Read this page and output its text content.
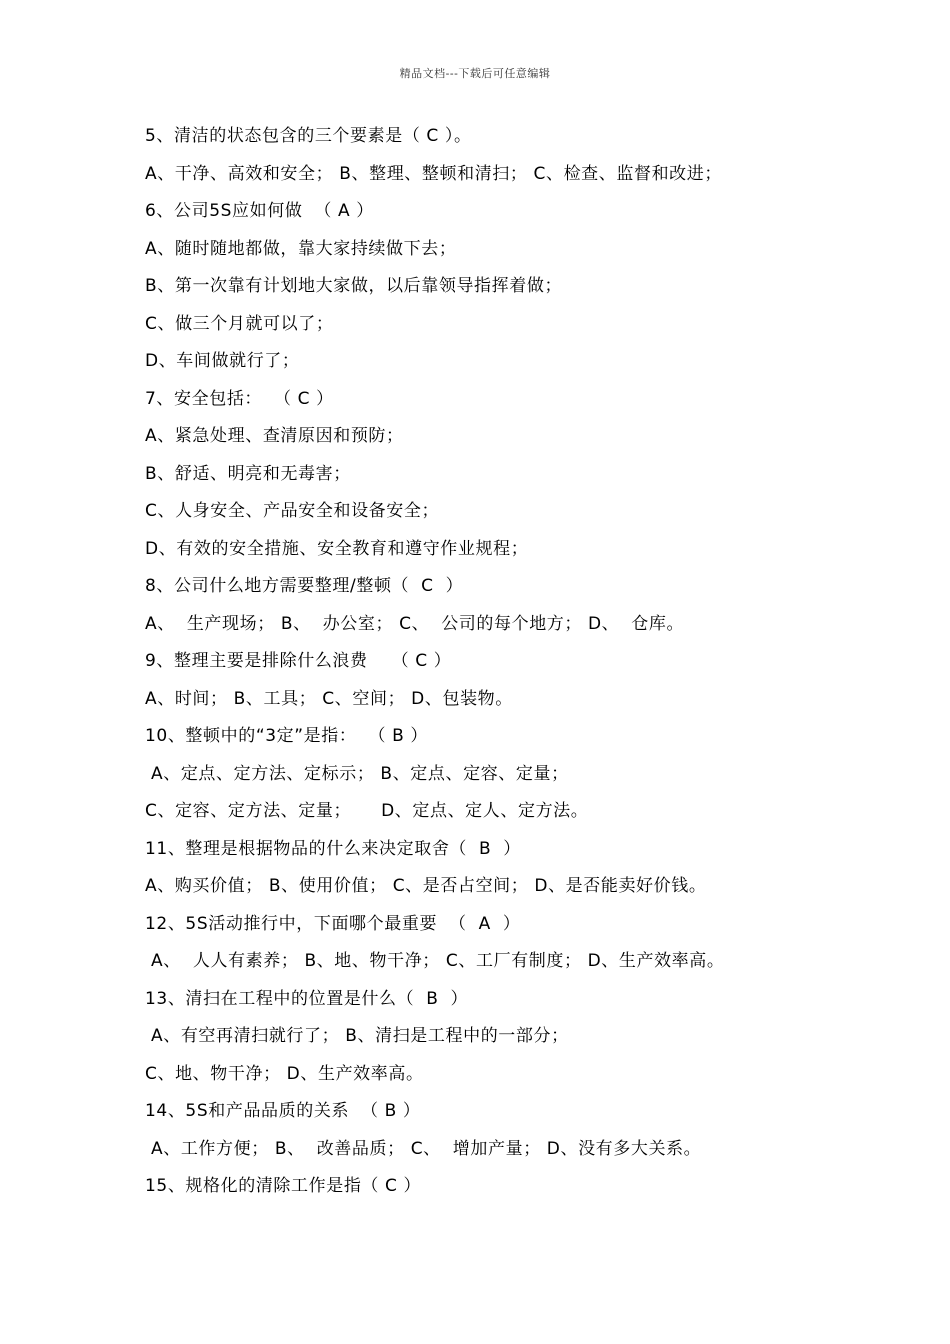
精品文档---下载后可任意编辑
5、清洁的状态包含的三个要素是（ C ）。
A、干净、高效和安全； B、整理、整顿和清扫； C、检查、监督和改进；
6、公司5S应如何做  （ A ）
A、随时随地都做，靠大家持续做下去；
B、第一次靠有计划地大家做，以后靠领导指挥着做；
C、做三个月就可以了；
D、车间做就行了；
7、安全包括：  （ C ）
A、紧急处理、查清原因和预防；
B、舒适、明亮和无毒害；
C、人身安全、产品安全和设备安全；
D、有效的安全措施、安全教育和遵守作业规程；
8、公司什么地方需要整理/整顿（  C  ）
A、  生产现场； B、  办公室； C、  公司的每个地方； D、  仓库。
9、整理主要是排除什么浪费    （ C ）
A、时间； B、工具； C、空间； D、包装物。
10、整顿中的“3定”是指：  （ B ）
A、定点、定方法、定标示； B、定点、定容、定量；
C、定容、定方法、定量；     D、定点、定人、定方法。
11、整理是根据物品的什么来决定取舍（  B  ）
A、购买价值； B、使用价值； C、是否占空间； D、是否能卖好价钱。
12、5S活动推行中，下面哪个最重要  （  A  ）
A、  人人有素养； B、地、物干净； C、工厂有制度； D、生产效率高。
13、清扫在工程中的位置是什么（  B  ）
A、有空再清扫就行了； B、清扫是工程中的一部分；
C、地、物干净； D、生产效率高。
14、5S和产品品质的关系  （ B ）
A、工作方便； B、  改善品质； C、  增加产量； D、没有多大关系。
15、规格化的清除工作是指（ C ）
